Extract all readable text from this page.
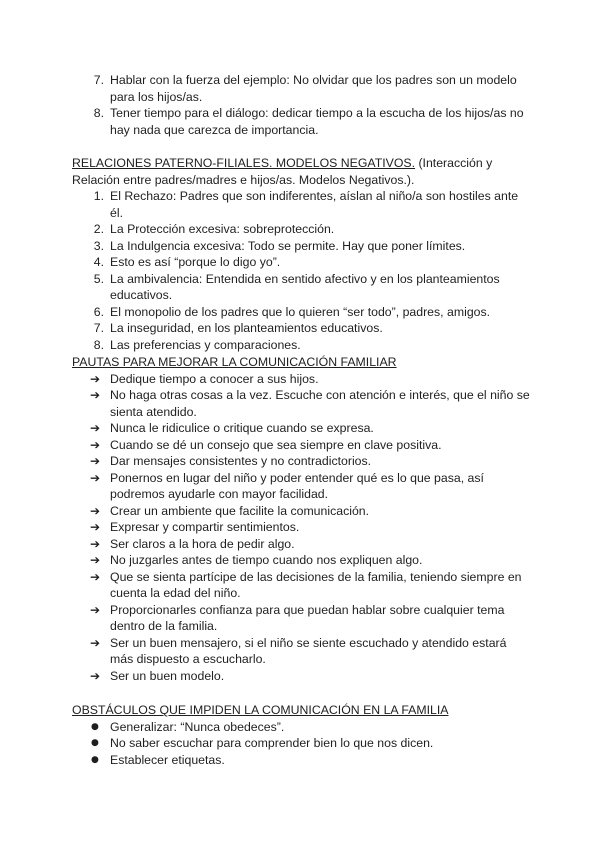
7. Hablar con la fuerza del ejemplo: No olvidar que los padres son un modelo para los hijos/as.
8. Tener tiempo para el diálogo: dedicar tiempo a la escucha de los hijos/as no hay nada que carezca de importancia.

RELACIONES PATERNO-FILIALES. MODELOS NEGATIVOS. (Interacción y Relación entre padres/madres e hijos/as. Modelos Negativos.).

1. El Rechazo: Padres que son indiferentes, aíslan al niño/a son hostiles ante él.
2. La Protección excesiva: sobreprotección.
3. La Indulgencia excesiva: Todo se permite. Hay que poner límites.
4. Esto es así “porque lo digo yo”.
5. La ambivalencia: Entendida en sentido afectivo y en los planteamientos educativos.
6. El monopolio de los padres que lo quieren “ser todo”, padres, amigos.
7. La inseguridad, en los planteamientos educativos.
8. Las preferencias y comparaciones.

PAUTAS PARA MEJORAR LA COMUNICACIÓN FAMILIAR

➔ Dedique tiempo a conocer a sus hijos.
➔ No haga otras cosas a la vez. Escuche con atención e interés, que el niño se sienta atendido.
➔ Nunca le ridiculice o critique cuando se expresa.
➔ Cuando se dé un consejo que sea siempre en clave positiva.
➔ Dar mensajes consistentes y no contradictorios.
➔ Ponernos en lugar del niño y poder entender qué es lo que pasa, así podremos ayudarle con mayor facilidad.
➔ Crear un ambiente que facilite la comunicación.
➔ Expresar y compartir sentimientos.
➔ Ser claros a la hora de pedir algo.
➔ No juzgarles antes de tiempo cuando nos expliquen algo.
➔ Que se sienta partícipe de las decisiones de la familia, teniendo siempre en cuenta la edad del niño.
➔ Proporcionarles confianza para que puedan hablar sobre cualquier tema dentro de la familia.
➔ Ser un buen mensajero, si el niño se siente escuchado y atendido estará más dispuesto a escucharlo.
➔ Ser un buen modelo.

OBSTÁCULOS QUE IMPIDEN LA COMUNICACIÓN EN LA FAMILIA

● Generalizar: “Nunca obedeces”.
● No saber escuchar para comprender bien lo que nos dicen.
● Establecer etiquetas.
